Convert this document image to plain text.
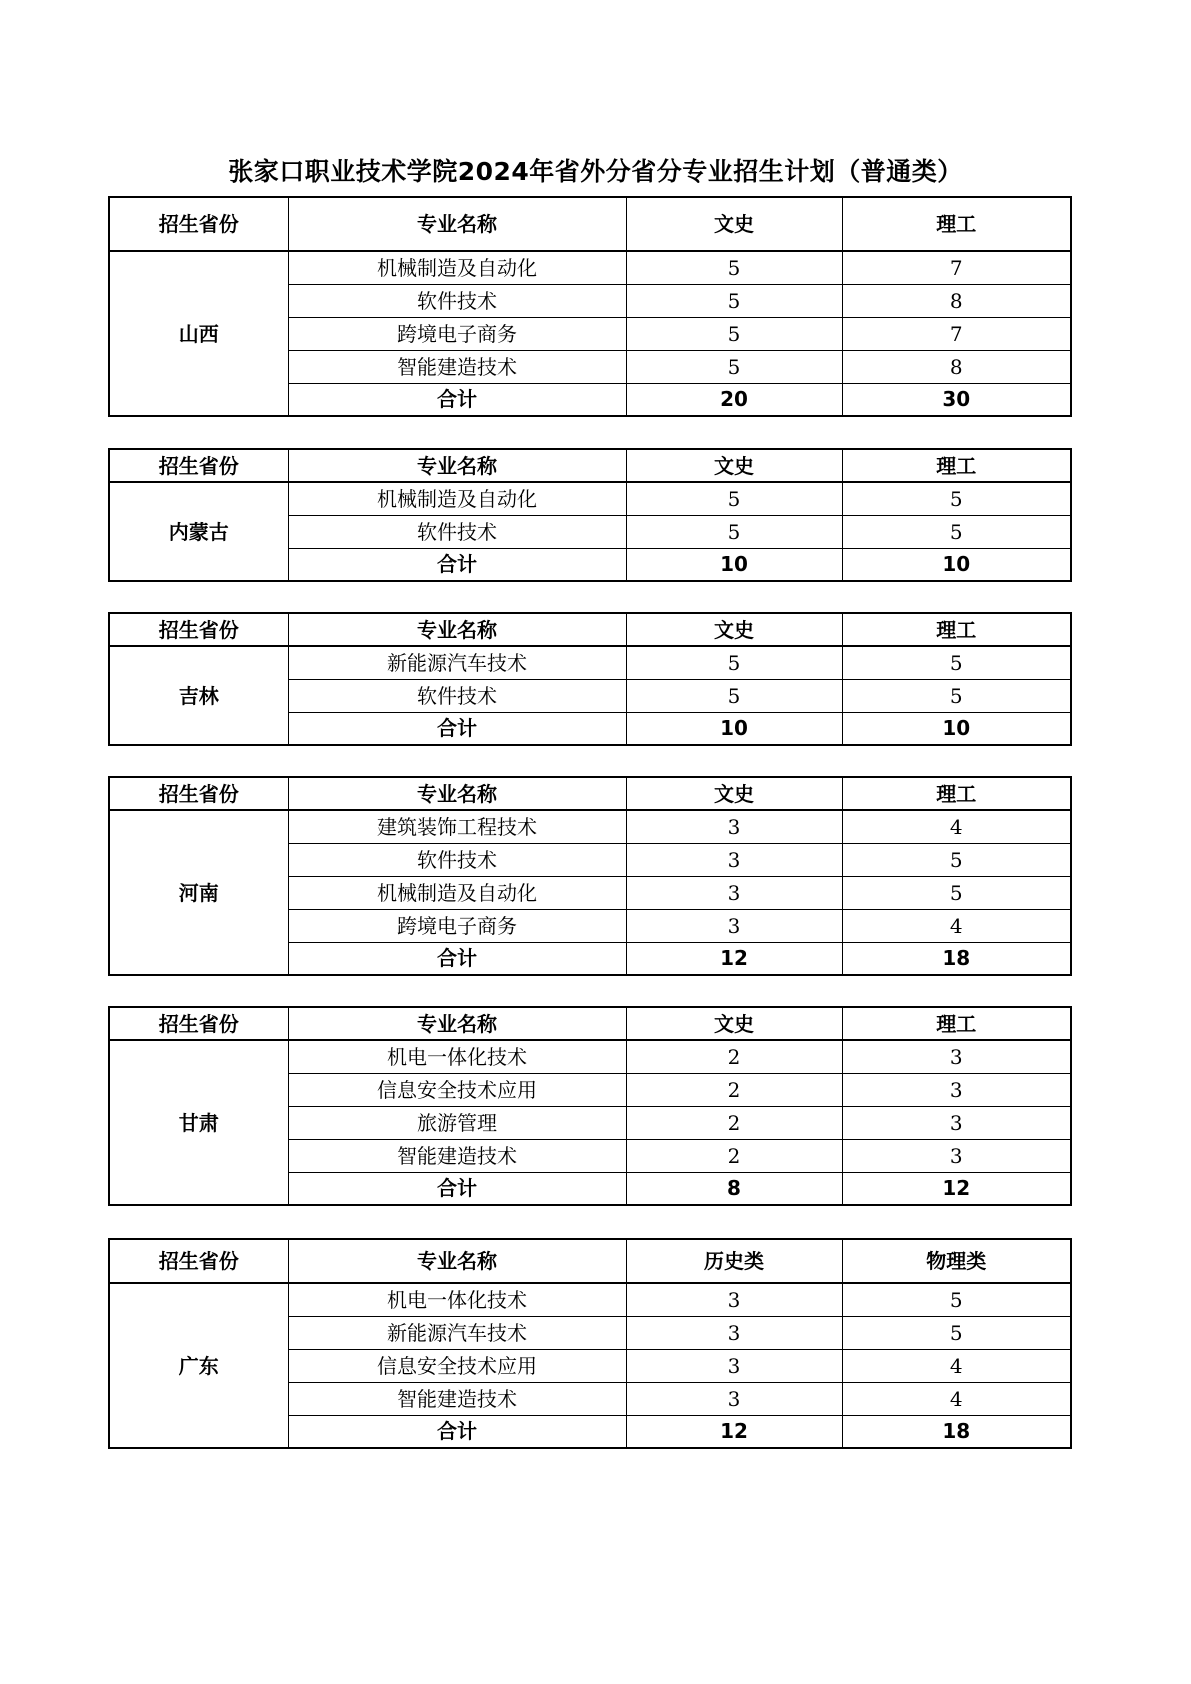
张家口职业技术学院2024年省外分省分专业招生计划（普通类）
招生省份	专业名称	文史	理工
山西	机械制造及自动化	5	7
	软件技术	5	8
	跨境电子商务	5	7
	智能建造技术	5	8
	合计	20	30
招生省份	专业名称	文史	理工
内蒙古	机械制造及自动化	5	5
	软件技术	5	5
	合计	10	10
招生省份	专业名称	文史	理工
吉林	新能源汽车技术	5	5
	软件技术	5	5
	合计	10	10
招生省份	专业名称	文史	理工
河南	建筑装饰工程技术	3	4
	软件技术	3	5
	机械制造及自动化	3	5
	跨境电子商务	3	4
	合计	12	18
招生省份	专业名称	文史	理工
甘肃	机电一体化技术	2	3
	信息安全技术应用	2	3
	旅游管理	2	3
	智能建造技术	2	3
	合计	8	12
招生省份	专业名称	历史类	物理类
广东	机电一体化技术	3	5
	新能源汽车技术	3	5
	信息安全技术应用	3	4
	智能建造技术	3	4
	合计	12	18
